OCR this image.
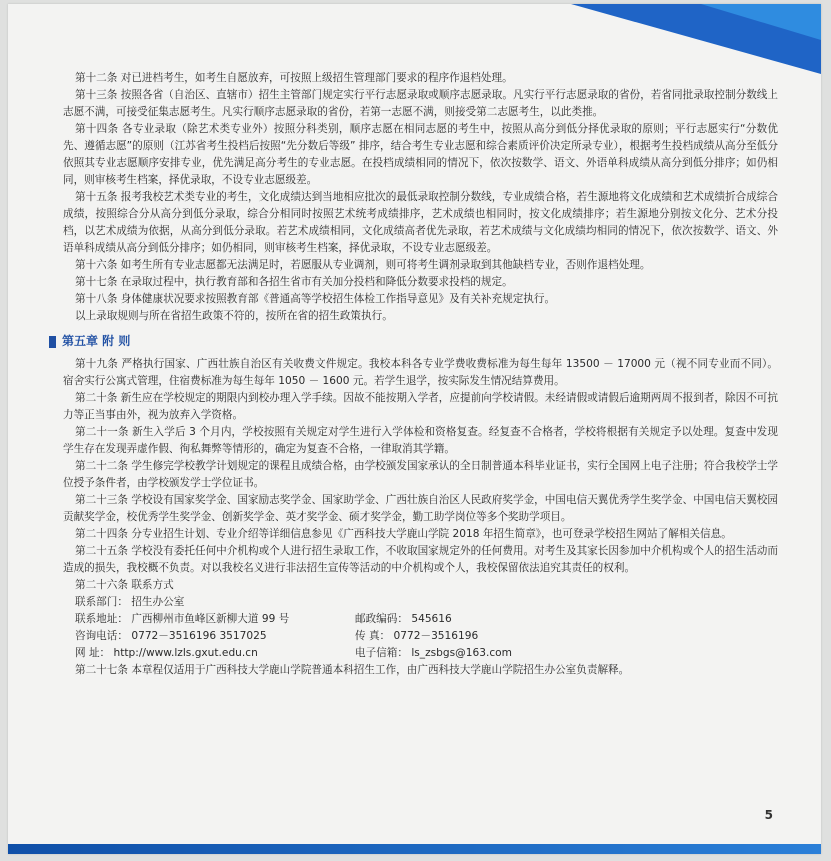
第十二条 对已进档考生，如考生自愿放弃，可按照上级招生管理部门要求的程序作退档处理。

第十三条 按照各省（自治区、直辖市）招生主管部门规定实行平行志愿录取或顺序志愿录取。凡实行平行志愿录取的省份，若省同批录取控制分数线上志愿不满，可接受征集志愿考生。凡实行顺序志愿录取的省份，若第一志愿不满，则接受第二志愿考生，以此类推。

第十四条 各专业录取（除艺术类专业外）按照分科类别，顺序志愿在相同志愿的考生中，按照从高分到低分择优录取的原则；平行志愿实行“分数优先、遵循志愿”的原则（江苏省考生投档后按照“先分数后等级” 排序，结合考生专业志愿和综合素质评价决定所录专业），根据考生投档成绩从高分至低分依照其专业志愿顺序安排专业，优先满足高分考生的专业志愿。在投档成绩相同的情况下，依次按数学、语文、外语单科成绩从高分到低分排序；如仍相同，则审核考生档案，择优录取，不设专业志愿级差。

第十五条 报考我校艺术类专业的考生，文化成绩达到当地相应批次的最低录取控制分数线，专业成绩合格，若生源地将文化成绩和艺术成绩折合成综合成绩，按照综合分从高分到低分录取，综合分相同时按照艺术统考成绩排序，艺术成绩也相同时，按文化成绩排序；若生源地分别按文化分、艺术分投档，以艺术成绩为依据，从高分到低分录取。若艺术成绩相同，文化成绩高者优先录取，若艺术成绩与文化成绩均相同的情况下，依次按数学、语文、外语单科成绩从高分到低分排序；如仍相同，则审核考生档案，择优录取，不设专业志愿级差。

第十六条 如考生所有专业志愿都无法满足时，若愿服从专业调剂，则可将考生调剂录取到其他缺档专业，否则作退档处理。

第十七条 在录取过程中，执行教育部和各招生省市有关加分投档和降低分数要求投档的规定。

第十八条 身体健康状况要求按照教育部《普通高等学校招生体检工作指导意见》及有关补充规定执行。

以上录取规则与所在省招生政策不符的，按所在省的招生政策执行。

第五章 附 则

第十九条 严格执行国家、广西壮族自治区有关收费文件规定。我校本科各专业学费收费标准为每生每年 13500 － 17000 元（视不同专业而不同）。宿舍实行公寓式管理，住宿费标准为每生每年 1050 － 1600 元。若学生退学，按实际发生情况结算费用。

第二十条 新生应在学校规定的期限内到校办理入学手续。因故不能按期入学者，应提前向学校请假。未经请假或请假后逾期两周不报到者，除因不可抗力等正当事由外，视为放弃入学资格。

第二十一条 新生入学后 3 个月内，学校按照有关规定对学生进行入学体检和资格复查。经复查不合格者，学校将根据有关规定予以处理。复查中发现学生存在发现弄虚作假、徇私舞弊等情形的，确定为复查不合格，一律取消其学籍。

第二十二条 学生修完学校教学计划规定的课程且成绩合格，由学校颁发国家承认的全日制普通本科毕业证书，实行全国网上电子注册；符合我校学士学位授予条件者，由学校颁发学士学位证书。

第二十三条 学校设有国家奖学金、国家励志奖学金、国家助学金、广西壮族自治区人民政府奖学金，中国电信天翼优秀学生奖学金、中国电信天翼校园贡献奖学金，校优秀学生奖学金、创新奖学金、英才奖学金、硕才奖学金，勤工助学岗位等多个奖助学项目。

第二十四条 分专业招生计划、专业介绍等详细信息参见《广西科技大学鹿山学院 2018 年招生简章》，也可登录学校招生网站了解相关信息。

第二十五条 学校没有委托任何中介机构或个人进行招生录取工作，不收取国家规定外的任何费用。对考生及其家长因参加中介机构或个人的招生活动而造成的损失，我校概不负责。对以我校名义进行非法招生宣传等活动的中介机构或个人，我校保留依法追究其责任的权利。

第二十六条 联系方式

联系部门： 招生办公室
联系地址： 广西柳州市鱼峰区新柳大道 99 号	邮政编码： 545616
咨询电话： 0772－3516196 3517025	传 真： 0772－3516196
网 址： http://www.lzls.gxut.edu.cn	电子信箱： ls_zsbgs@163.com

第二十七条 本章程仅适用于广西科技大学鹿山学院普通本科招生工作，由广西科技大学鹿山学院招生办公室负责解释。

5
